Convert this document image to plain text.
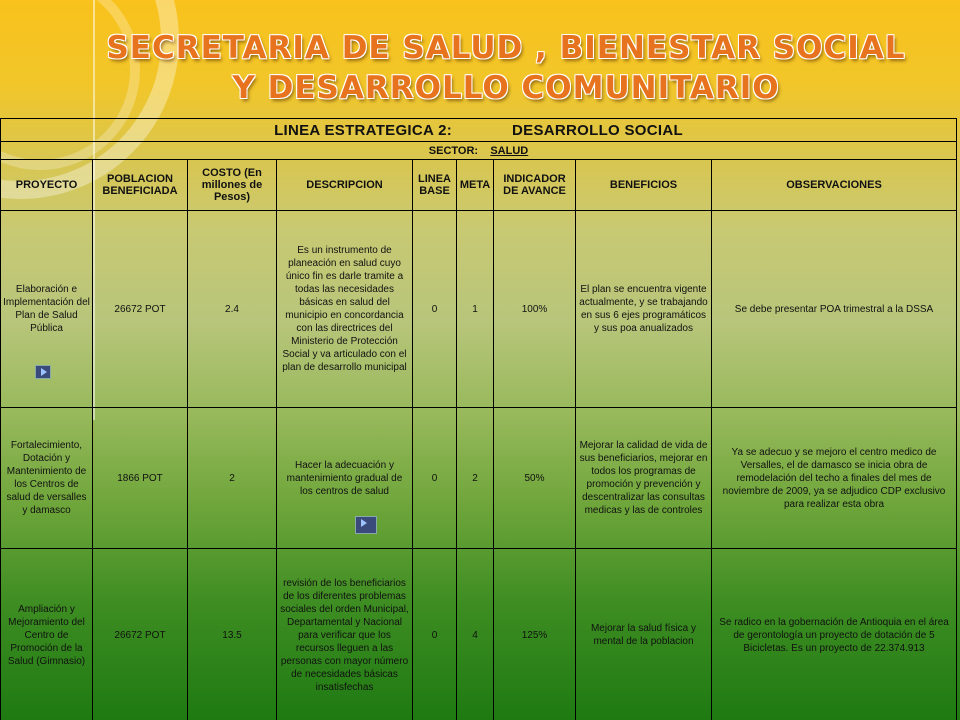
SECRETARIA DE SALUD , BIENESTAR SOCIAL
Y DESARROLLO COMUNITARIO
LINEA ESTRATEGICA 2: DESARROLLO SOCIAL								
SECTOR: SALUD								
PROYECTO	POBLACION BENEFICIADA	COSTO (En millones de Pesos)	DESCRIPCION	LINEA BASE	META	INDICADOR DE AVANCE	BENEFICIOS	OBSERVACIONES

Elaboración e Implementación del Plan de Salud Pública	26672 POT	2.4	Es un instrumento de planeación en salud cuyo único fin es darle tramite a todas las necesidades básicas en salud del municipio en concordancia con las directrices del Ministerio de Protección Social y va articulado con el plan de desarrollo municipal	0	1	100%	El plan se encuentra vigente actualmente, y se trabajando en sus 6 ejes programáticos y sus poa anualizados	Se debe presentar POA trimestral a la DSSA
Fortalecimiento, Dotación y Mantenimiento de los Centros de salud de versalles y damasco	1866 POT	2	Hacer la adecuación y mantenimiento gradual de los centros de salud	0	2	50%	Mejorar la calidad de vida de sus beneficiarios, mejorar en todos los programas de promoción y prevención y descentralizar las consultas medicas y las de controles	Ya se adecuo y se mejoro el centro medico de Versalles, el de damasco se inicia obra de remodelación del techo a finales del mes de noviembre de 2009, ya se adjudico CDP exclusivo para realizar esta obra
Ampliación y Mejoramiento del Centro de Promoción de la Salud (Gimnasio)	26672 POT	13.5	revisión de los beneficiarios de los diferentes problemas sociales del orden Municipal, Departamental y Nacional para verificar que los recursos lleguen a las personas con mayor número de necesidades básicas insatisfechas	0	4	125%	Mejorar la salud física y mental de la poblacion	Se radico en la gobernación de Antioquia en el área de gerontología un proyecto de dotación de 5 Bicicletas. Es un proyecto de 22.374.913
